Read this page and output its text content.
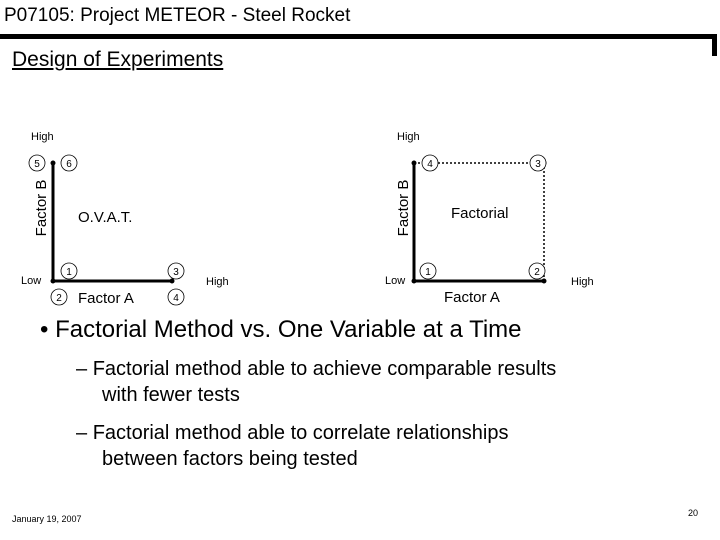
P07105: Project METEOR - Steel Rocket
Design of Experiments
High
Low	High
Factor B
Factor A
O.V.A.T.
5	6
1
2
3
4
High
Low	High
Factor B
Factor A
Factorial
4	3
1	2
• Factorial Method vs. One Variable at a Time
– Factorial method able to achieve comparable results
with fewer tests
– Factorial method able to correlate relationships
between factors being tested
January 19, 2007
20
